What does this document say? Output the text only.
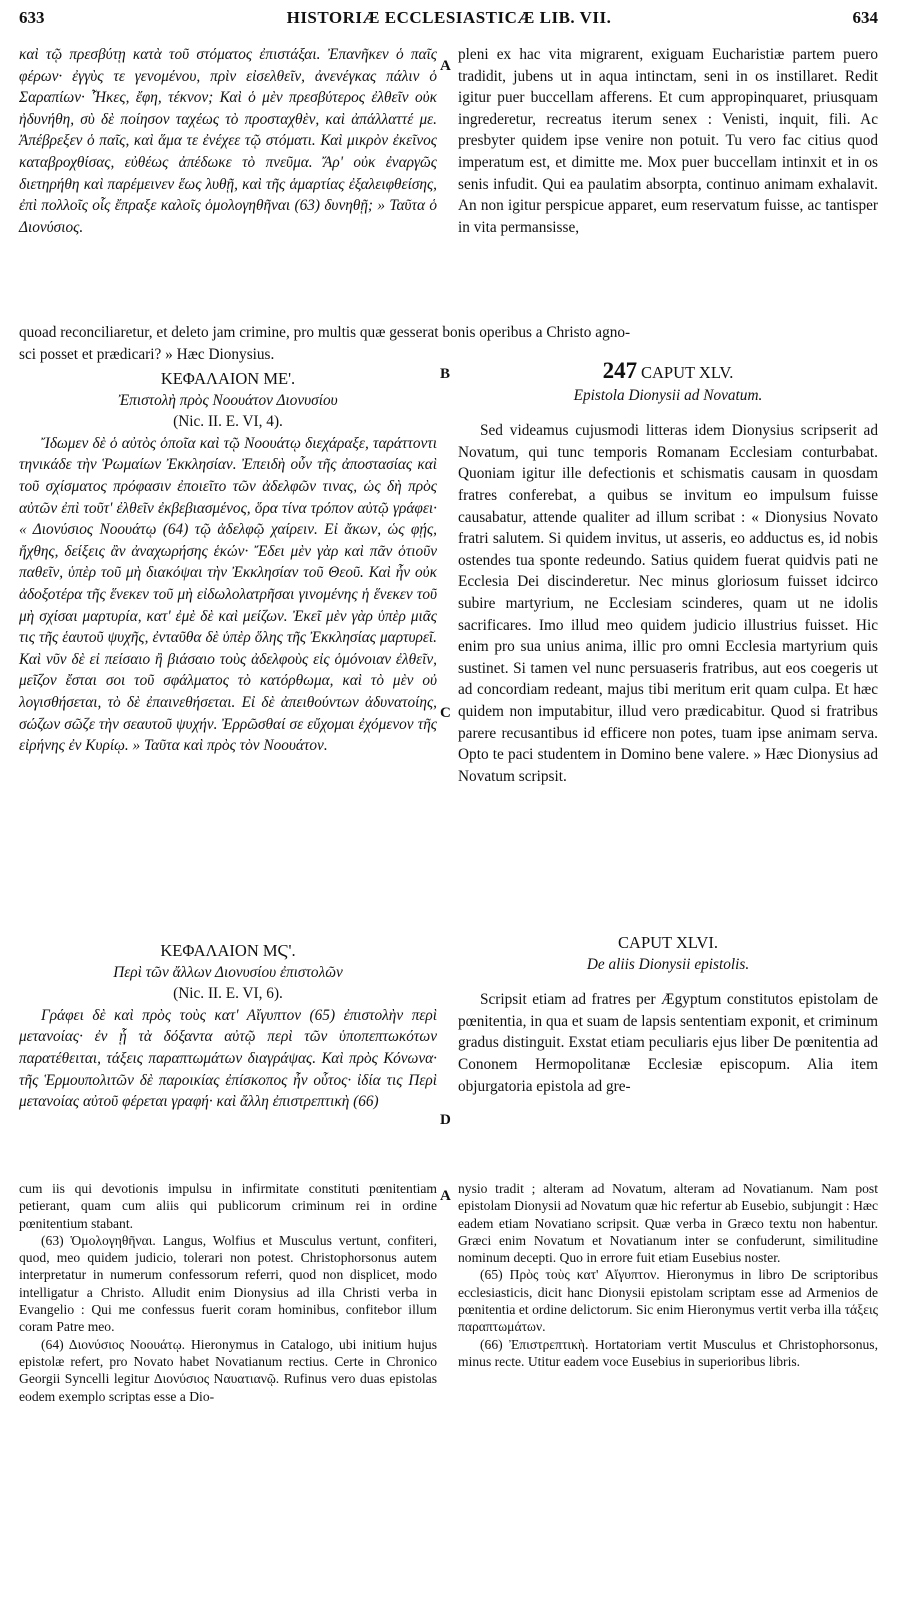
633	HISTORIÆ ECCLESIASTICÆ LIB. VII.	634
A
B
C
D
A

καὶ τῷ πρεσβύτῃ κατὰ τοῦ στόματος ἐπιστάξαι. Ἐπανῆκεν ὁ παῖς φέρων· ἐγγὺς τε γενομένου, πρὶν εἰσελθεῖν, ἀνενέγκας πάλιν ὁ Σαραπίων· Ἧκες, ἔφη, τέκνον; Καὶ ὁ μὲν πρεσβύτερος ἐλθεῖν οὐκ ἠδυνήθη, σὺ δὲ ποίησον ταχέως τὸ προσταχθὲν, καὶ ἀπάλλαττέ με. Ἀπέβρεξεν ὁ παῖς, καὶ ἅμα τε ἐνέχεε τῷ στόματι. Καὶ μικρὸν ἐκεῖνος καταβροχθίσας, εὐθέως ἀπέδωκε τὸ πνεῦμα. Ἄρ' οὐκ ἐναργῶς διετηρήθη καὶ παρέμεινεν ἕως λυθῇ, καὶ τῆς ἁμαρτίας ἐξαλειφθείσης, ἐπὶ πολλοῖς οἷς ἔπραξε καλοῖς ὁμολογηθῆναι (63) δυνηθῇ; » Ταῦτα ὁ Διονύσιος.

pleni ex hac vita migrarent, exiguam Eucharistiæ partem puero tradidit, jubens ut in aqua intinctam, seni in os instillaret. Redit igitur puer buccellam afferens. Et cum appropinquaret, priusquam ingrederetur, recreatus iterum senex : Venisti, inquit, fili. Ac presbyter quidem ipse venire non potuit. Tu vero fac citius quod imperatum est, et dimitte me. Mox puer buccellam intinxit et in os senis infudit. Qui ea paulatim absorpta, continuo animam exhalavit. An non igitur perspicue apparet, eum reservatum fuisse, ac tantisper in vita permansisse,

quoad reconciliaretur, et deleto jam crimine, pro multis quæ gesserat bonis operibus a Christo agno-

sci posset et prædicari? » Hæc Dionysius.

ΚΕΦΑΛΑΙΟΝ ΜΕ'.

Ἐπιστολὴ πρὸς Νοουάτον Διονυσίου

(Nic. II. E. VI, 4).

Ἴδωμεν δὲ ὁ αὐτὸς ὁποῖα καὶ τῷ Νοουάτῳ διεχάραξε, ταράττοντι τηνικάδε τὴν Ῥωμαίων Ἐκκλησίαν. Ἐπειδὴ οὖν τῆς ἀποστασίας καὶ τοῦ σχίσματος πρόφασιν ἐποιεῖτο τῶν ἀδελφῶν τινας, ὡς δὴ πρὸς αὐτῶν ἐπὶ τοῦτ' ἐλθεῖν ἐκβεβιασμένος, ὅρα τίνα τρόπον αὐτῷ γράφει· « Διονύσιος Νοουάτῳ (64) τῷ ἀδελφῷ χαίρειν. Εἰ ἄκων, ὡς φῄς, ἤχθης, δείξεις ἂν ἀναχωρήσης ἑκών· Ἔδει μὲν γὰρ καὶ πᾶν ὁτιοῦν παθεῖν, ὑπὲρ τοῦ μὴ διακόψαι τὴν Ἐκκλησίαν τοῦ Θεοῦ. Καὶ ἦν οὐκ ἀδοξοτέρα τῆς ἕνεκεν τοῦ μὴ εἰδωλολατρῆσαι γινομένης ἡ ἕνεκεν τοῦ μὴ σχίσαι μαρτυρία, κατ' ἐμὲ δὲ καὶ μείζων. Ἐκεῖ μὲν γὰρ ὑπὲρ μιᾶς τις τῆς ἑαυτοῦ ψυχῆς, ἐνταῦθα δὲ ὑπὲρ ὅλης τῆς Ἐκκλησίας μαρτυρεῖ. Καὶ νῦν δὲ εἰ πείσαιο ἢ βιάσαιο τοὺς ἀδελφοὺς εἰς ὁμόνοιαν ἐλθεῖν, μεῖζον ἔσται σοι τοῦ σφάλματος τὸ κατόρθωμα, καὶ τὸ μὲν οὐ λογισθήσεται, τὸ δὲ ἐπαινεθήσεται. Εἰ δὲ ἀπειθούντων ἀδυνατοίης, σώζων σῶζε τὴν σεαυτοῦ ψυχήν. Ἐρρῶσθαί σε εὔχομαι ἐχόμενον τῆς εἰρήνης ἐν Κυρίῳ. » Ταῦτα καὶ πρὸς τὸν Νοουάτον.

247 CAPUT XLV.

Epistola Dionysii ad Novatum.

Sed videamus cujusmodi litteras idem Dionysius scripserit ad Novatum, qui tunc temporis Romanam Ecclesiam conturbabat. Quoniam igitur ille defectionis et schismatis causam in quosdam fratres conferebat, a quibus se invitum eo impulsum fuisse causabatur, attende qualiter ad illum scribat : « Dionysius Novato fratri salutem. Si quidem invitus, ut asseris, eo adductus es, id nobis ostendes tua sponte redeundo. Satius quidem fuerat quidvis pati ne Ecclesia Dei discinderetur. Nec minus gloriosum fuisset idcirco subire martyrium, ne Ecclesiam scinderes, quam ut ne idolis sacrificares. Imo illud meo quidem judicio illustrius fuisset. Hic enim pro sua unius anima, illic pro omni Ecclesia martyrium quis sustinet. Si tamen vel nunc persuaseris fratribus, aut eos coegeris ut ad concordiam redeant, majus tibi meritum erit quam culpa. Et hæc quidem non imputabitur, illud vero prædicabitur. Quod si fratribus parere recusantibus id efficere non potes, tuam ipse animam serva. Opto te paci studentem in Domino bene valere. » Hæc Dionysius ad Novatum scripsit.

CAPUT XLVI.

De aliis Dionysii epistolis.

Scripsit etiam ad fratres per Ægyptum constitutos epistolam de pœnitentia, in qua et suam de lapsis sententiam exponit, et criminum gradus distinguit. Exstat etiam peculiaris ejus liber De pœnitentia ad Cononem Hermopolitanæ Ecclesiæ episcopum. Alia item objurgatoria epistola ad gre-

ΚΕΦΑΛΑΙΟΝ ΜϚ'.

Περὶ τῶν ἄλλων Διονυσίου ἐπιστολῶν

(Nic. II. E. VI, 6).

Γράφει δὲ καὶ πρὸς τοὺς κατ' Αἴγυπτον (65) ἐπιστολὴν περὶ μετανοίας· ἐν ᾗ τὰ δόξαντα αὐτῷ περὶ τῶν ὑποπεπτωκότων παρατέθειται, τάξεις παραπτωμάτων διαγράψας. Καὶ πρὸς Κόνωνα· τῆς Ἑρμουπολιτῶν δὲ παροικίας ἐπίσκοπος ἦν οὗτος· ἰδία τις Περὶ μετανοίας αὐτοῦ φέρεται γραφή· καὶ ἄλλη ἐπιστρεπτικὴ (66)

cum iis qui devotionis impulsu in infirmitate constituti pœnitentiam petierant, quam cum aliis qui publicorum criminum rei in ordine pœnitentium stabant.

(63) Ὁμολογηθῆναι. Langus, Wolfius et Musculus vertunt, confiteri, quod, meo quidem judicio, tolerari non potest. Christophorsonus autem interpretatur in numerum confessorum referri, quod non displicet, modo intelligatur a Christo. Alludit enim Dionysius ad illa Christi verba in Evangelio : Qui me confessus fuerit coram hominibus, confitebor illum coram Patre meo.

(64) Διονύσιος Νοουάτῳ. Hieronymus in Catalogo, ubi initium hujus epistolæ refert, pro Novato habet Novatianum rectius. Certe in Chronico Georgii Syncelli legitur Διονύσιος Ναυατιανῷ. Rufinus vero duas epistolas eodem exemplo scriptas esse a Dio-

nysio tradit ; alteram ad Novatum, alteram ad Novatianum. Nam post epistolam Dionysii ad Novatum quæ hic refertur ab Eusebio, subjungit : Hæc eadem etiam Novatiano scripsit. Quæ verba in Græco textu non habentur. Græci enim Novatum et Novatianum inter se confuderunt, similitudine nominum decepti. Quo in errore fuit etiam Eusebius noster.

(65) Πρὸς τοὺς κατ' Αἴγυπτον. Hieronymus in libro De scriptoribus ecclesiasticis, dicit hanc Dionysii epistolam scriptam esse ad Armenios de pœnitentia et ordine delictorum. Sic enim Hieronymus vertit verba illa τάξεις παραπτωμάτων.

(66) Ἐπιστρεπτικὴ. Hortatoriam vertit Musculus et Christophorsonus, minus recte. Utitur eadem voce Eusebius in superioribus libris.
